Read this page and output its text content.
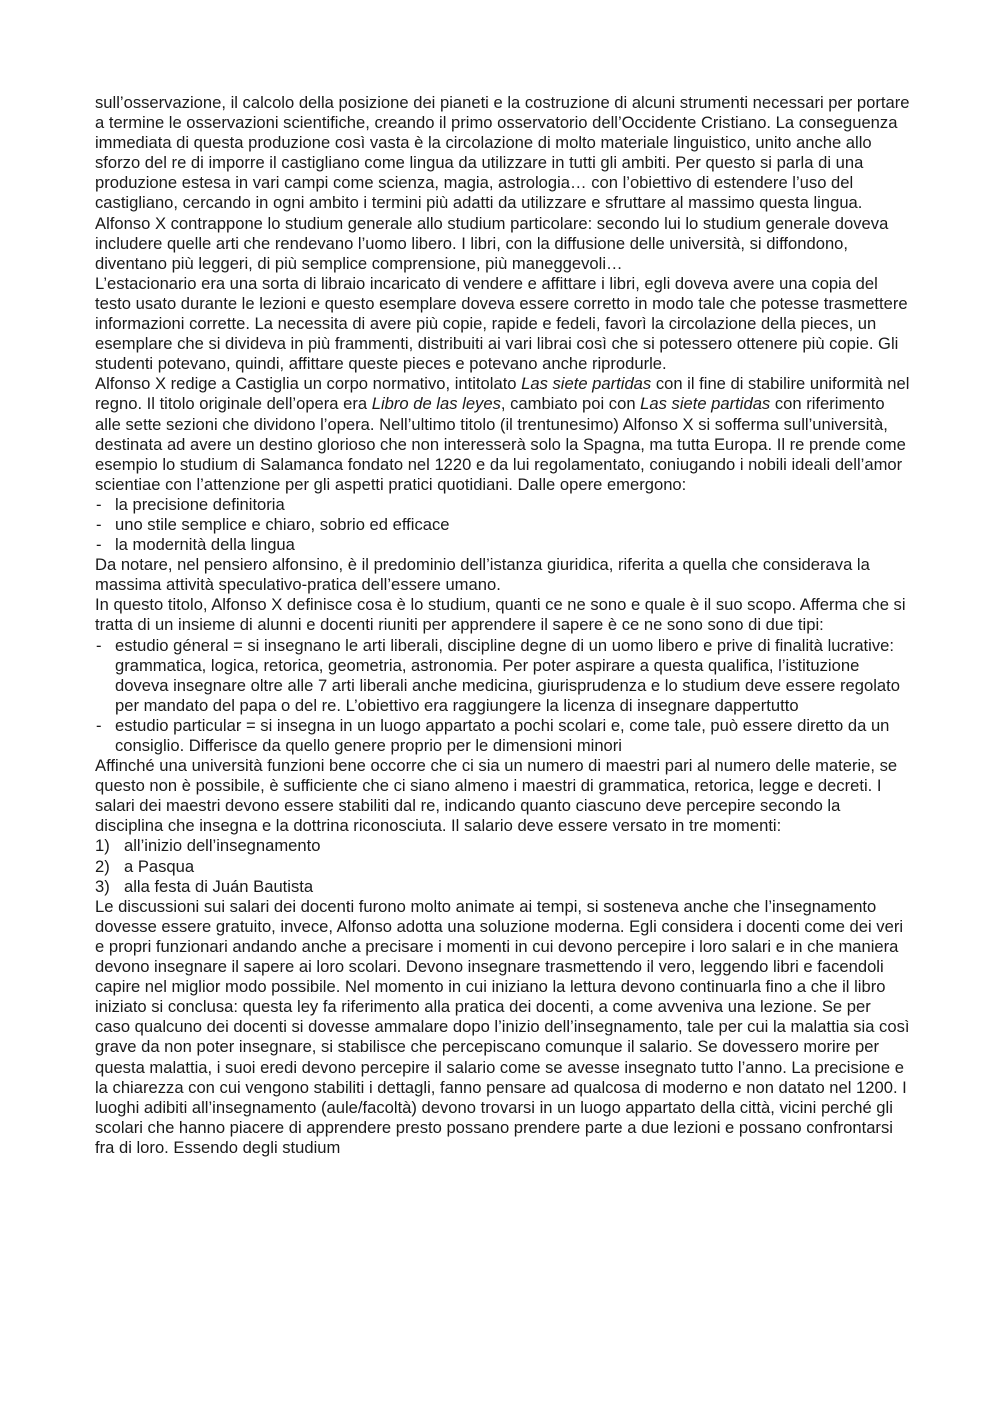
sull’osservazione, il calcolo della posizione dei pianeti e la costruzione di alcuni strumenti necessari per portare a termine le osservazioni scientifiche, creando il primo osservatorio dell’Occidente Cristiano. La conseguenza immediata di questa produzione così vasta è la circolazione di molto materiale linguistico, unito anche allo sforzo del re di imporre il castigliano come lingua da utilizzare in tutti gli ambiti. Per questo si parla di una produzione estesa in vari campi come scienza, magia, astrologia… con l’obiettivo di estendere l’uso del castigliano, cercando in ogni ambito i termini più adatti da utilizzare e sfruttare al massimo questa lingua.

Alfonso X contrappone lo studium generale allo studium particolare: secondo lui lo studium generale doveva includere quelle arti che rendevano l’uomo libero. I libri, con la diffusione delle università, si diffondono, diventano più leggeri, di più semplice comprensione, più maneggevoli…

L’estacionario era una sorta di libraio incaricato di vendere e affittare i libri, egli doveva avere una copia del testo usato durante le lezioni e questo esemplare doveva essere corretto in modo tale che potesse trasmettere informazioni corrette. La necessita di avere più copie, rapide e fedeli, favorì la circolazione della pieces, un esemplare che si divideva in più frammenti, distribuiti ai vari librai così che si potessero ottenere più copie. Gli studenti potevano, quindi, affittare queste pieces e potevano anche riprodurle.

Alfonso X redige a Castiglia un corpo normativo, intitolato Las siete partidas con il fine di stabilire uniformità nel regno. Il titolo originale dell’opera era Libro de las leyes, cambiato poi con Las siete partidas con riferimento alle sette sezioni che dividono l’opera. Nell’ultimo titolo (il trentunesimo) Alfonso X si sofferma sull’università, destinata ad avere un destino glorioso che non interesserà solo la Spagna, ma tutta Europa. Il re prende come esempio lo studium di Salamanca fondato nel 1220 e da lui regolamentato, coniugando i nobili ideali dell’amor scientiae con l’attenzione per gli aspetti pratici quotidiani. Dalle opere emergono:

- la precisione definitoria
- uno stile semplice e chiaro, sobrio ed efficace
- la modernità della lingua

Da notare, nel pensiero alfonsino, è il predominio dell’istanza giuridica, riferita a quella che considerava la massima attività speculativo-pratica dell’essere umano.

In questo titolo, Alfonso X definisce cosa è lo studium, quanti ce ne sono e quale è il suo scopo. Afferma che si tratta di un insieme di alunni e docenti riuniti per apprendere il sapere è ce ne sono sono di due tipi:

- estudio géneral = si insegnano le arti liberali, discipline degne di un uomo libero e prive di finalità lucrative: grammatica, logica, retorica, geometria, astronomia. Per poter aspirare a questa qualifica, l’istituzione doveva insegnare oltre alle 7 arti liberali anche medicina, giurisprudenza e lo studium deve essere regolato per mandato del papa o del re. L’obiettivo era raggiungere la licenza di insegnare dappertutto
- estudio particular = si insegna in un luogo appartato a pochi scolari e, come tale, può essere diretto da un consiglio. Differisce da quello genere proprio per le dimensioni minori

Affinché una università funzioni bene occorre che ci sia un numero di maestri pari al numero delle materie, se questo non è possibile, è sufficiente che ci siano almeno i maestri di grammatica, retorica, legge e decreti. I salari dei maestri devono essere stabiliti dal re, indicando quanto ciascuno deve percepire secondo la disciplina che insegna e la dottrina riconosciuta. Il salario deve essere versato in tre momenti:

1) all’inizio dell’insegnamento
2) a Pasqua
3) alla festa di Juán Bautista

Le discussioni sui salari dei docenti furono molto animate ai tempi, si sosteneva anche che l’insegnamento dovesse essere gratuito, invece, Alfonso adotta una soluzione moderna. Egli considera i docenti come dei veri e propri funzionari andando anche a precisare i momenti in cui devono percepire i loro salari e in che maniera devono insegnare il sapere ai loro scolari. Devono insegnare trasmettendo il vero, leggendo libri e facendoli capire nel miglior modo possibile. Nel momento in cui iniziano la lettura devono continuarla fino a che il libro iniziato si conclusa: questa ley fa riferimento alla pratica dei docenti, a come avveniva una lezione. Se per caso qualcuno dei docenti si dovesse ammalare dopo l’inizio dell’insegnamento, tale per cui la malattia sia così grave da non poter insegnare, si stabilisce che percepiscano comunque il salario. Se dovessero morire per questa malattia, i suoi eredi devono percepire il salario come se avesse insegnato tutto l’anno. La precisione e la chiarezza con cui vengono stabiliti i dettagli, fanno pensare ad qualcosa di moderno e non datato nel 1200. I luoghi adibiti all’insegnamento (aule/facoltà) devono trovarsi in un luogo appartato della città, vicini perché gli scolari che hanno piacere di apprendere presto possano prendere parte a due lezioni e possano confrontarsi fra di loro. Essendo degli studium
